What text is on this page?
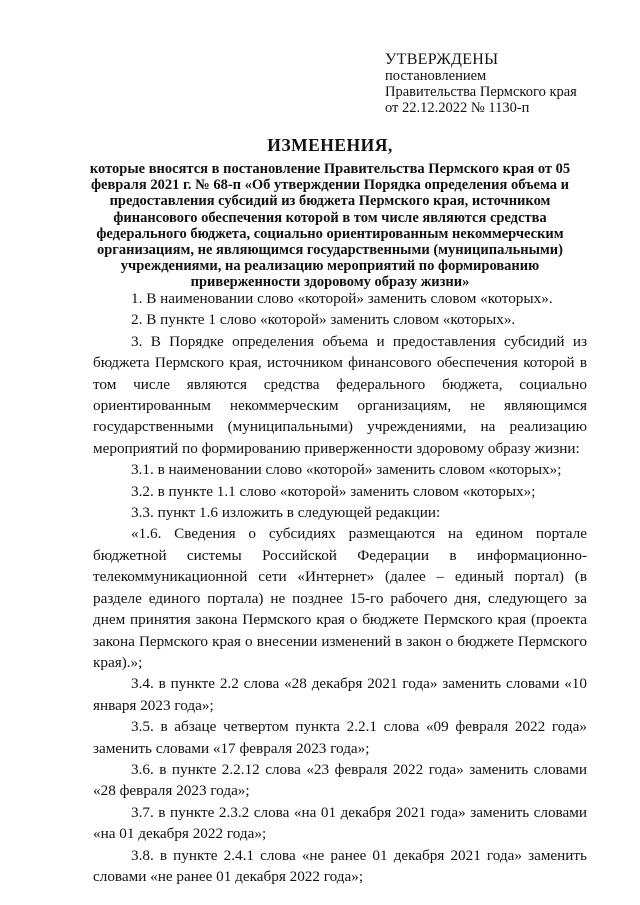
УТВЕРЖДЕНЫ
постановлением
Правительства Пермского края
от 22.12.2022 № 1130-п
ИЗМЕНЕНИЯ,
которые вносятся в постановление Правительства Пермского края от 05 февраля 2021 г. № 68-п «Об утверждении Порядка определения объема и предоставления субсидий из бюджета Пермского края, источником финансового обеспечения которой в том числе являются средства федерального бюджета, социально ориентированным некоммерческим организациям, не являющимся государственными (муниципальными) учреждениями, на реализацию мероприятий по формированию приверженности здоровому образу жизни»

1. В наименовании слово «которой» заменить словом «которых».

2. В пункте 1 слово «которой» заменить словом «которых».

3. В Порядке определения объема и предоставления субсидий из бюджета Пермского края, источником финансового обеспечения которой в том числе являются средства федерального бюджета, социально ориентированным некоммерческим организациям, не являющимся государственными (муниципальными) учреждениями, на реализацию мероприятий по формированию приверженности здоровому образу жизни:

3.1. в наименовании слово «которой» заменить словом «которых»;

3.2. в пункте 1.1 слово «которой» заменить словом «которых»;

3.3. пункт 1.6 изложить в следующей редакции:

«1.6. Сведения о субсидиях размещаются на едином портале бюджетной системы Российской Федерации в информационно-телекоммуникационной сети «Интернет» (далее – единый портал) (в разделе единого портала) не позднее 15-го рабочего дня, следующего за днем принятия закона Пермского края о бюджете Пермского края (проекта закона Пермского края о внесении изменений в закон о бюджете Пермского края).»;

3.4. в пункте 2.2 слова «28 декабря 2021 года» заменить словами «10 января 2023 года»;

3.5. в абзаце четвертом пункта 2.2.1 слова «09 февраля 2022 года» заменить словами «17 февраля 2023 года»;

3.6. в пункте 2.2.12 слова «23 февраля 2022 года» заменить словами «28 февраля 2023 года»;

3.7. в пункте 2.3.2 слова «на 01 декабря 2021 года» заменить словами «на 01 декабря 2022 года»;

3.8. в пункте 2.4.1 слова «не ранее 01 декабря 2021 года» заменить словами «не ранее 01 декабря 2022 года»;
